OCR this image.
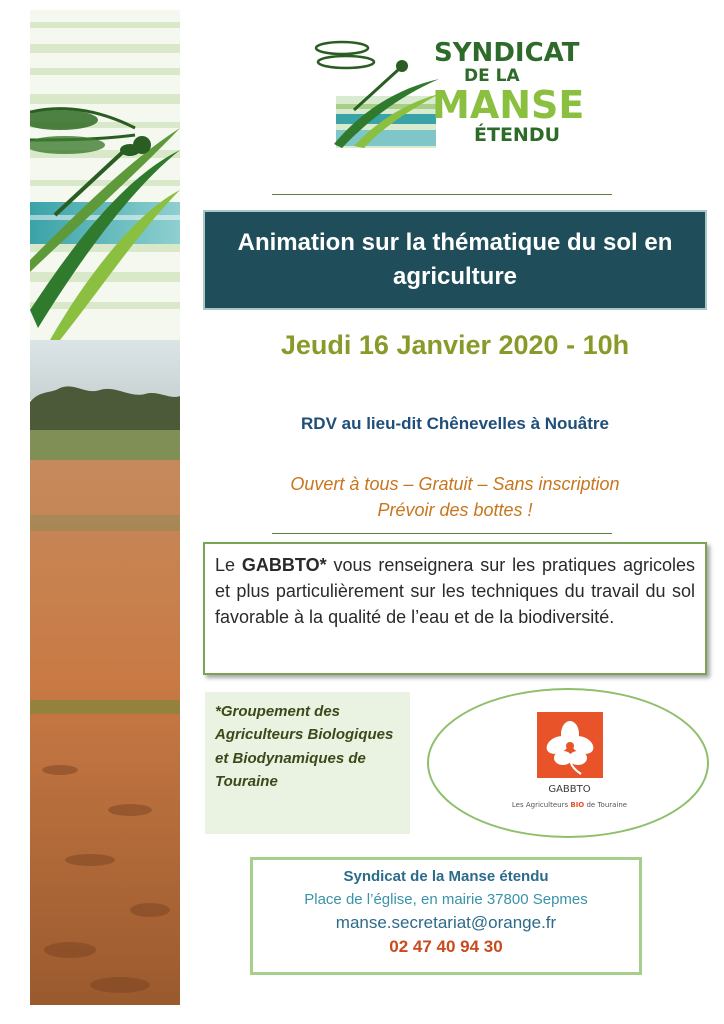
SYNDICAT
DE LA
MANSE
ÉTENDU
Animation sur la thématique du sol en agriculture
Jeudi 16 Janvier 2020 - 10h
RDV au lieu-dit Chênevelles à Nouâtre
Ouvert à tous – Gratuit – Sans inscription
Prévoir des bottes !
Le GABBTO* vous renseignera sur les pratiques agricoles et plus particulièrement sur les techniques du travail du sol favorable à la qualité de l’eau et de la biodiversité.
*Groupement des Agriculteurs Biologiques et Biodynamiques de Touraine	GABBTO
Les Agriculteurs BIO de Touraine
Syndicat de la Manse étendu
Place de l’église, en mairie 37800 Sepmes
manse.secretariat@orange.fr
02 47 40 94 30
